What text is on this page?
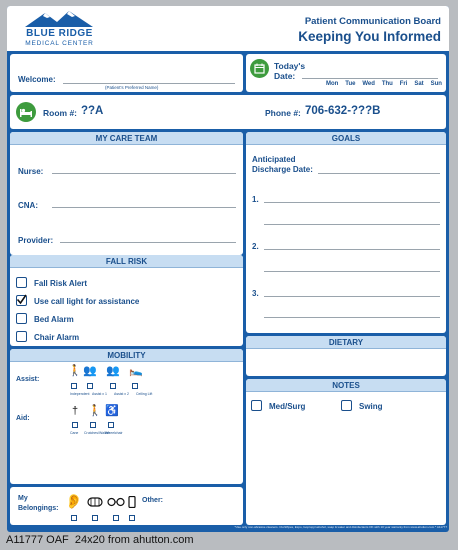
BLUE RIDGE
MEDICAL CENTER
Patient Communication Board
Keeping You Informed
Welcome:
(Patient's Preferred Name)
Today's
Date:
Mon Tue Wed Thu Fri Sat Sun
Room #: ??A	Phone #: 706-632-???B
MY CARE TEAM
Nurse:
CNA:
Provider:
GOALS
Anticipated
Discharge Date:
1.
2.
3.
FALL RISK
Fall Risk Alert
Use call light for assistance
Bed Alarm
Chair Alarm
DIETARY
MOBILITY
Assist:
🚶 👥 👥 🛌
Independent Assist x 1 Assist x 2 Ceiling Lift
Aid:
† 🚶 ♿
Cane Crutches/Walker
Wheelchair
NOTES
Med/Surg	Swing
My
Belongings: 👂	Other:
*Use only non-abrasive cleaners. ClorWipes, Expo, Isopropyl alcohol, soap & water and disinfectants OK with 10 year warranty from www.ahutton.com * A11777
A11777 OAF  24x20 from ahutton.com
